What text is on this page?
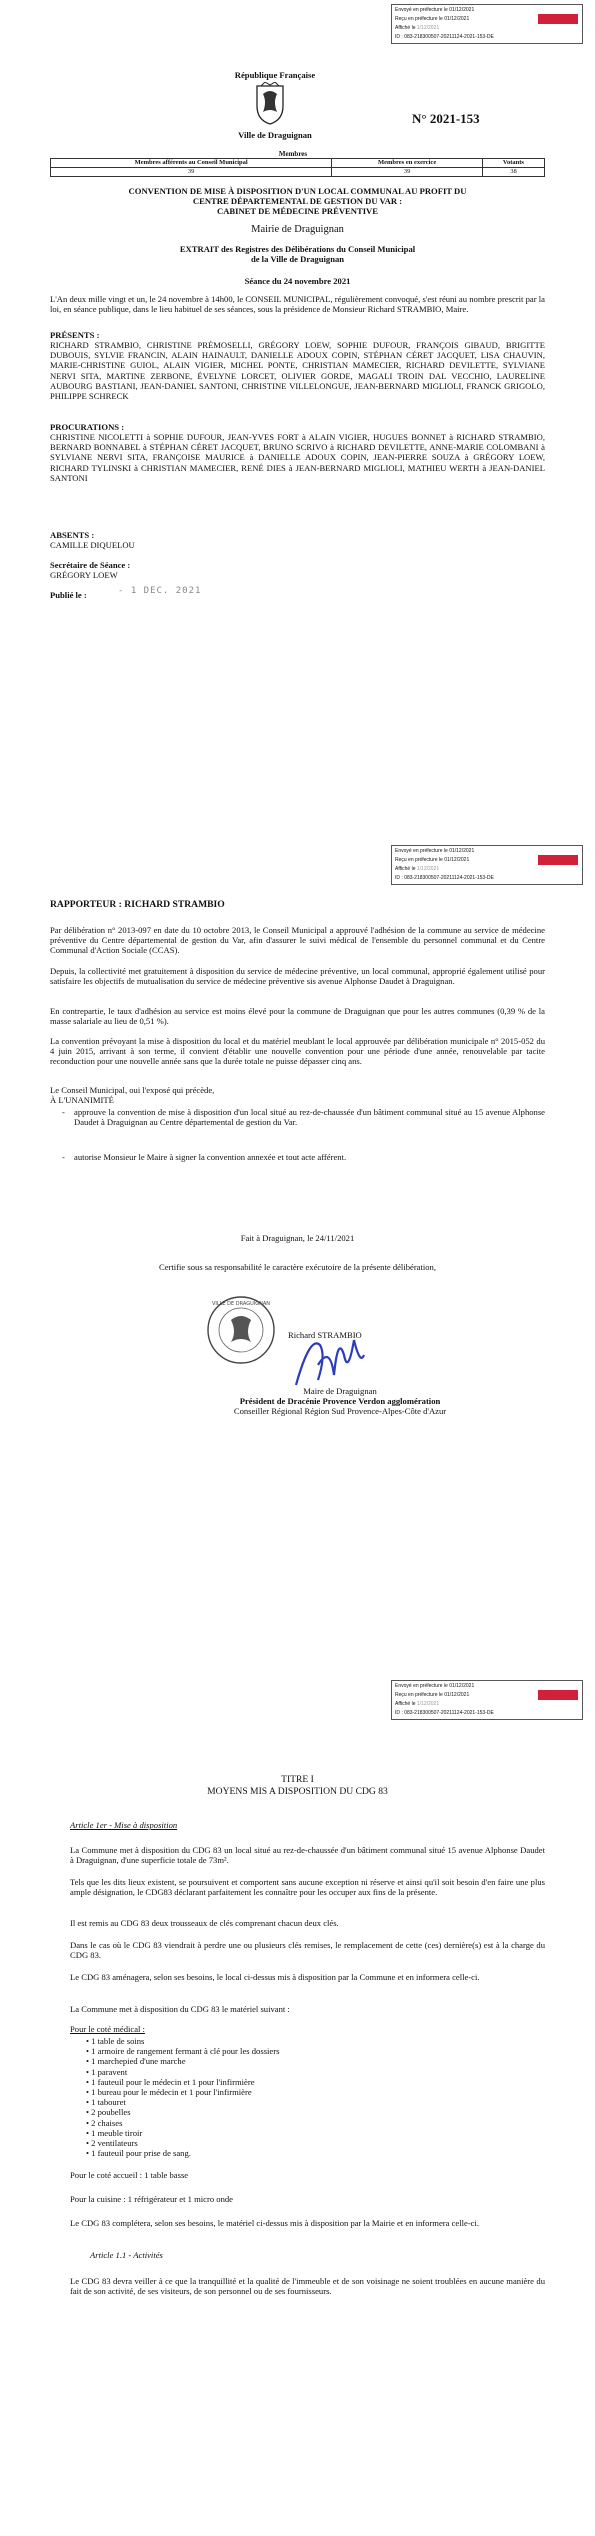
Envoyé en préfecture le 01/12/2021
Reçu en préfecture le 01/12/2021
Affiché le 1/12/2021
ID : 083-218300507-20211124-2021-153-DE
République Française
Ville de Draguignan
N° 2021-153
Membres
Membres afférents au Conseil Municipal	Membres en exercice	Votants
39	39	38
CONVENTION DE MISE À DISPOSITION D'UN LOCAL COMMUNAL AU PROFIT DU
CENTRE DÉPARTEMENTAL DE GESTION DU VAR :
CABINET DE MÉDECINE PRÉVENTIVE
Mairie de Draguignan
EXTRAIT des Registres des Délibérations du Conseil Municipal
de la Ville de Draguignan
Séance du 24 novembre 2021
L'An deux mille vingt et un, le 24 novembre à 14h00, le CONSEIL MUNICIPAL, régulièrement convoqué, s'est réuni au nombre prescrit par la loi, en séance publique, dans le lieu habituel de ses séances, sous la présidence de Monsieur Richard STRAMBIO, Maire.
PRÉSENTS :
RICHARD STRAMBIO, CHRISTINE PRÉMOSELLI, GRÉGORY LOEW, SOPHIE DUFOUR, FRANÇOIS GIBAUD, BRIGITTE DUBOUIS, SYLVIE FRANCIN, ALAIN HAINAULT, DANIELLE ADOUX COPIN, STÉPHAN CÉRET JACQUET, LISA CHAUVIN, MARIE-CHRISTINE GUIOL, ALAIN VIGIER, MICHEL PONTE, CHRISTIAN MAMECIER, RICHARD DEVILETTE, SYLVIANE NERVI SITA, MARTINE ZERBONE, ÉVELYNE LORCET, OLIVIER GORDE, MAGALI TROIN DAL VECCHIO, LAURELINE AUBOURG BASTIANI, JEAN-DANIEL SANTONI, CHRISTINE VILLELONGUE, JEAN-BERNARD MIGLIOLI, FRANCK GRIGOLO, PHILIPPE SCHRECK
PROCURATIONS :
CHRISTINE NICOLETTI à SOPHIE DUFOUR, JEAN-YVES FORT à ALAIN VIGIER, HUGUES BONNET à RICHARD STRAMBIO, BERNARD BONNABEL à STÉPHAN CÉRET JACQUET, BRUNO SCRIVO à RICHARD DEVILETTE, ANNE-MARIE COLOMBANI à SYLVIANE NERVI SITA, FRANÇOISE MAURICE à DANIELLE ADOUX COPIN, JEAN-PIERRE SOUZA à GRÉGORY LOEW, RICHARD TYLINSKI à CHRISTIAN MAMECIER, RENÉ DIES à JEAN-BERNARD MIGLIOLI, MATHIEU WERTH à JEAN-DANIEL SANTONI
ABSENTS :
CAMILLE DIQUELOU
Secrétaire de Séance :
GRÉGORY LOEW
Publié le :	- 1 DEC. 2021
Envoyé en préfecture le 01/12/2021
Reçu en préfecture le 01/12/2021
Affiché le 1/12/2021
ID : 083-218300507-20211124-2021-153-DE
RAPPORTEUR : RICHARD STRAMBIO
Par délibération n° 2013-097 en date du 10 octobre 2013, le Conseil Municipal a approuvé l'adhésion de la commune au service de médecine préventive du Centre départemental de gestion du Var, afin d'assurer le suivi médical de l'ensemble du personnel communal et du Centre Communal d'Action Sociale (CCAS).
Depuis, la collectivité met gratuitement à disposition du service de médecine préventive, un local communal, approprié également utilisé pour satisfaire les objectifs de mutualisation du service de médecine préventive sis avenue Alphonse Daudet à Draguignan.
En contrepartie, le taux d'adhésion au service est moins élevé pour la commune de Draguignan que pour les autres communes (0,39 % de la masse salariale au lieu de 0,51 %).
La convention prévoyant la mise à disposition du local et du matériel meublant le local approuvée par délibération municipale n° 2015-052 du 4 juin 2015, arrivant à son terme, il convient d'établir une nouvelle convention pour une période d'une année, renouvelable par tacite reconduction pour une nouvelle année sans que la durée totale ne puisse dépasser cinq ans.
Le Conseil Municipal, oui l'exposé qui précède,
À L'UNANIMITÉ
- approuve la convention de mise à disposition d'un local situé au rez-de-chaussée d'un bâtiment communal situé au 15 avenue Alphonse Daudet à Draguignan au Centre départemental de gestion du Var.
- autorise Monsieur le Maire à signer la convention annexée et tout acte afférent.
Fait à Draguignan, le 24/11/2021
Certifie sous sa responsabilité le caractère exécutoire de la présente délibération,
VILLE DE DRAGUIGNAN
Richard STRAMBIO
Maire de Draguignan
Président de Dracénie Provence Verdon agglomération
Conseiller Régional Région Sud Provence-Alpes-Côte d'Azur
Envoyé en préfecture le 01/12/2021
Reçu en préfecture le 01/12/2021
Affiché le 1/12/2021
ID : 083-218300507-20211124-2021-153-DE
TITRE I
MOYENS MIS A DISPOSITION DU CDG 83
Article 1er - Mise à disposition
La Commune met à disposition du CDG 83 un local situé au rez-de-chaussée d'un bâtiment communal situé 15 avenue Alphonse Daudet à Draguignan, d'une superficie totale de 73m².
Tels que les dits lieux existent, se poursuivent et comportent sans aucune exception ni réserve et ainsi qu'il soit besoin d'en faire une plus ample désignation, le CDG83 déclarant parfaitement les connaître pour les occuper aux fins de la présente.
Il est remis au CDG 83 deux trousseaux de clés comprenant chacun deux clés.
Dans le cas où le CDG 83 viendrait à perdre une ou plusieurs clés remises, le remplacement de cette (ces) dernière(s) est à la charge du CDG 83.
Le CDG 83 aménagera, selon ses besoins, le local ci-dessus mis à disposition par la Commune et en informera celle-ci.
La Commune met à disposition du CDG 83 le matériel suivant :
Pour le coté médical :
• 1 table de soins
• 1 armoire de rangement fermant à clé pour les dossiers
• 1 marchepied d'une marche
• 1 paravent
• 1 fauteuil pour le médecin et 1 pour l'infirmière
• 1 bureau pour le médecin et 1 pour l'infirmière
• 1 tabouret
• 2 poubelles
• 2 chaises
• 1 meuble tiroir
• 2 ventilateurs
• 1 fauteuil pour prise de sang.
Pour le coté accueil : 1 table basse
Pour la cuisine : 1 réfrigérateur et 1 micro onde
Le CDG 83 complétera, selon ses besoins, le matériel ci-dessus mis à disposition par la Mairie et en informera celle-ci.
Article 1.1 - Activités
Le CDG 83 devra veiller à ce que la tranquillité et la qualité de l'immeuble et de son voisinage ne soient troublées en aucune manière du fait de son activité, de ses visiteurs, de son personnel ou de ses fournisseurs.
